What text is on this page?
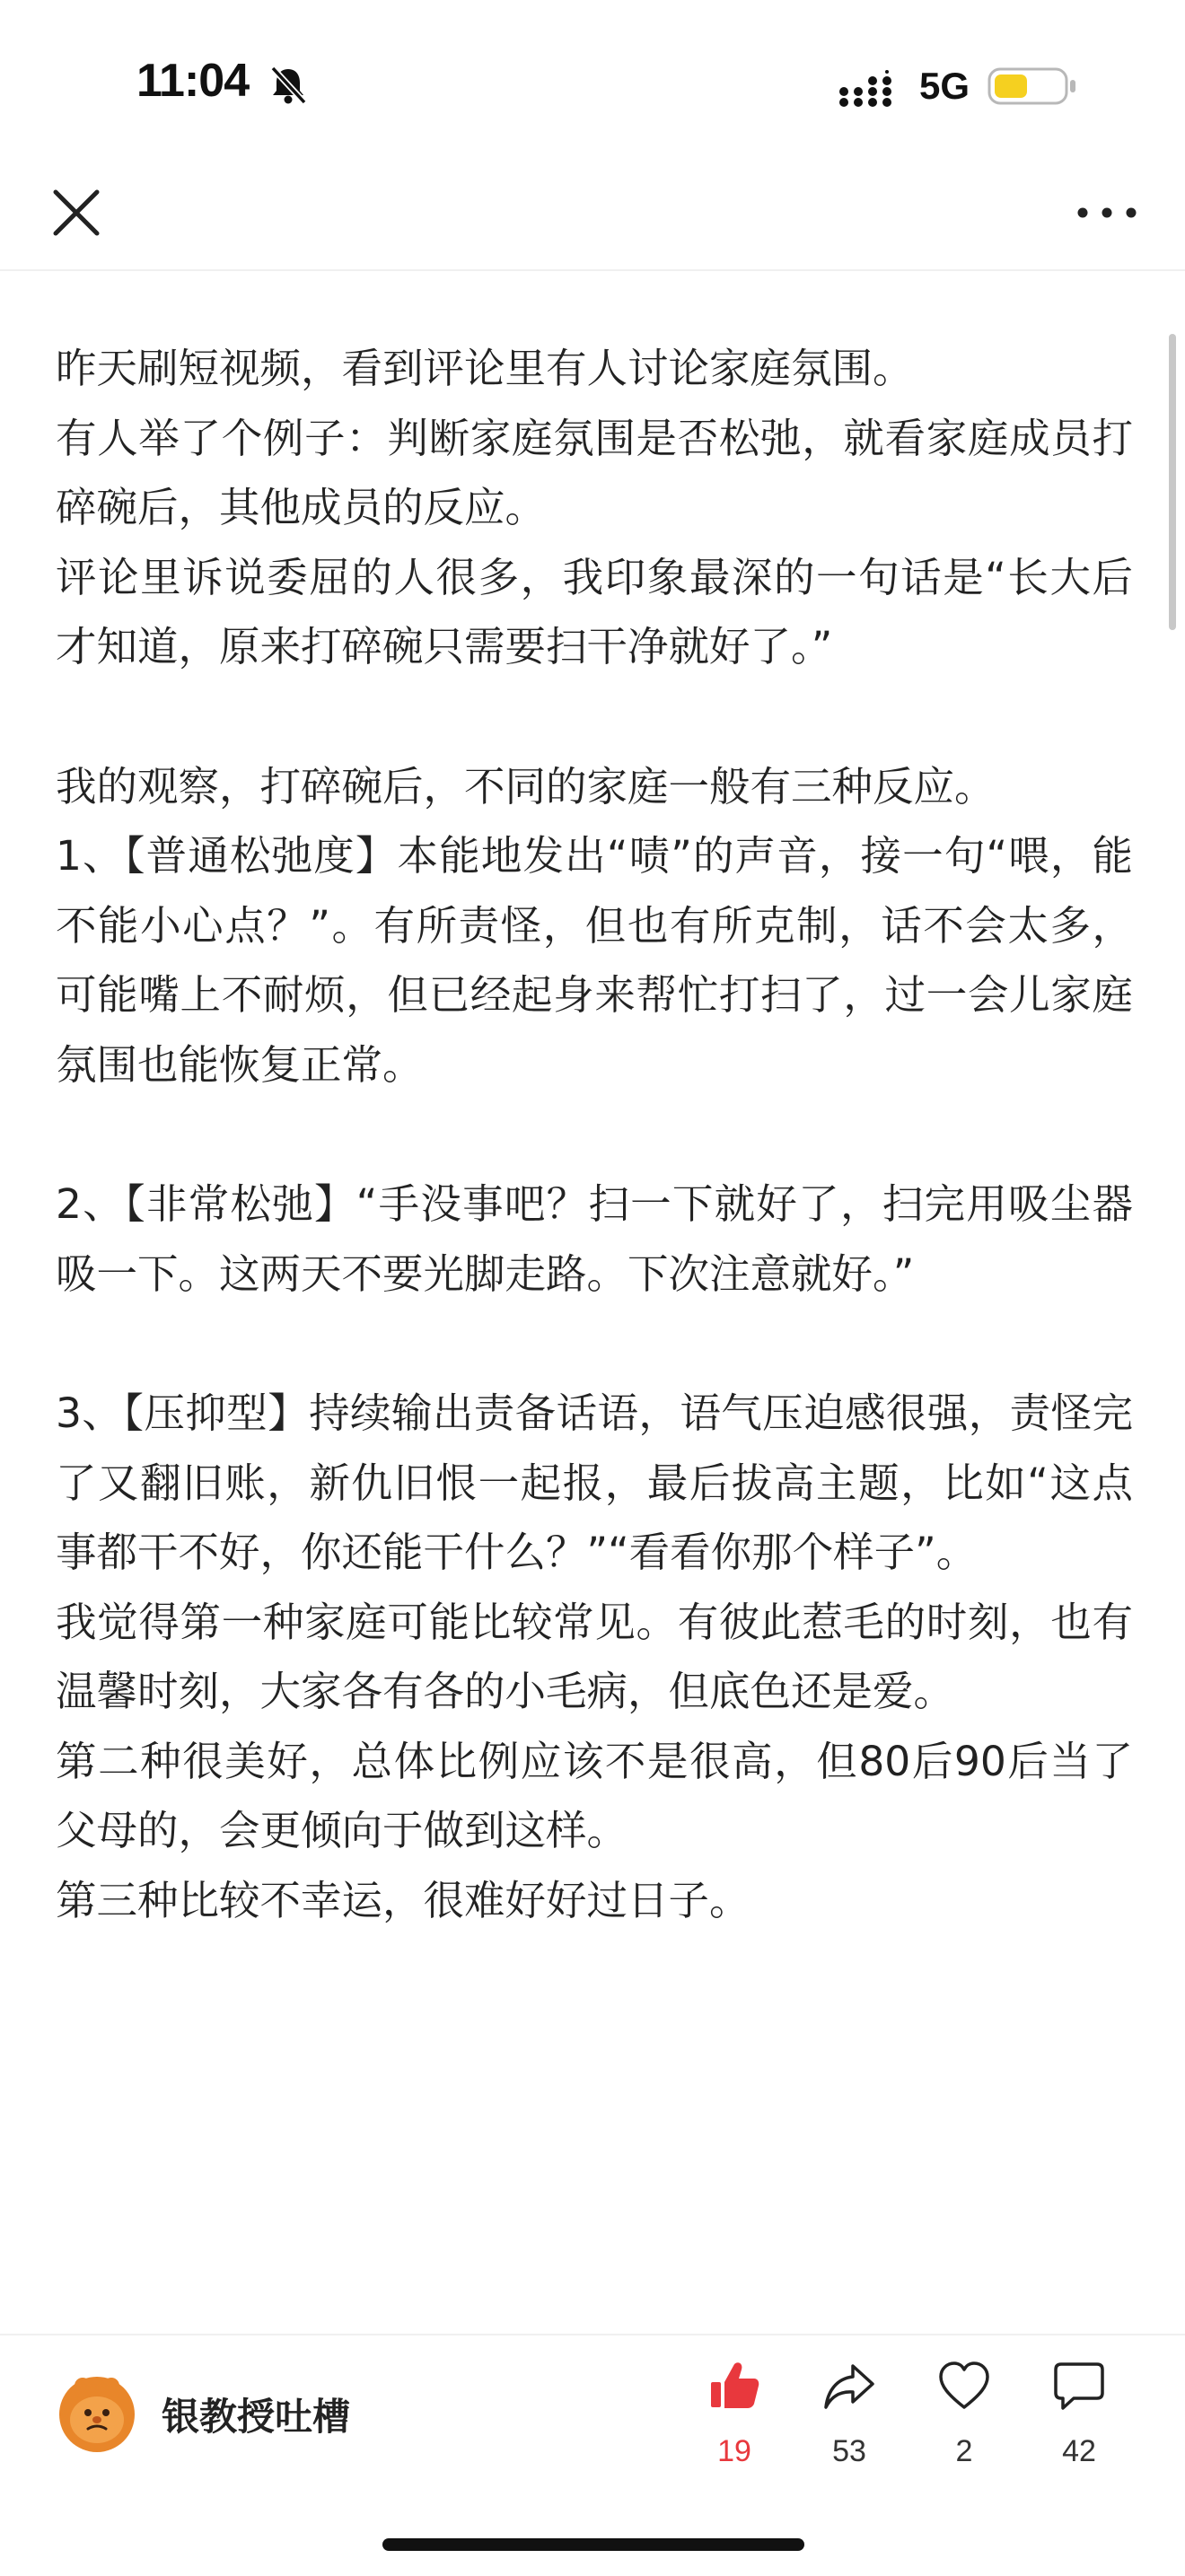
11:04	5G

昨天刷短视频，看到评论里有人讨论家庭氛围。

有人举了个例子：判断家庭氛围是否松弛，就看家庭成员打碎碗后，其他成员的反应。

评论里诉说委屈的人很多，我印象最深的一句话是“长大后才知道，原来打碎碗只需要扫干净就好了。”

我的观察，打碎碗后，不同的家庭一般有三种反应。

1、【普通松弛度】本能地发出“啧”的声音，接一句“喂，能不能小心点？”。有所责怪，但也有所克制，话不会太多，可能嘴上不耐烦，但已经起身来帮忙打扫了，过一会儿家庭氛围也能恢复正常。

2、【非常松弛】“手没事吧？扫一下就好了，扫完用吸尘器吸一下。这两天不要光脚走路。下次注意就好。”

3、【压抑型】持续输出责备话语，语气压迫感很强，责怪完了又翻旧账，新仇旧恨一起报，最后拔高主题，比如“这点事都干不好，你还能干什么？”“看看你那个样子”。

我觉得第一种家庭可能比较常见。有彼此惹毛的时刻，也有温馨时刻，大家各有各的小毛病，但底色还是爱。

第二种很美好，总体比例应该不是很高，但80后90后当了父母的，会更倾向于做到这样。

第三种比较不幸运，很难好好过日子。

银教授吐槽
19	53	2	42
